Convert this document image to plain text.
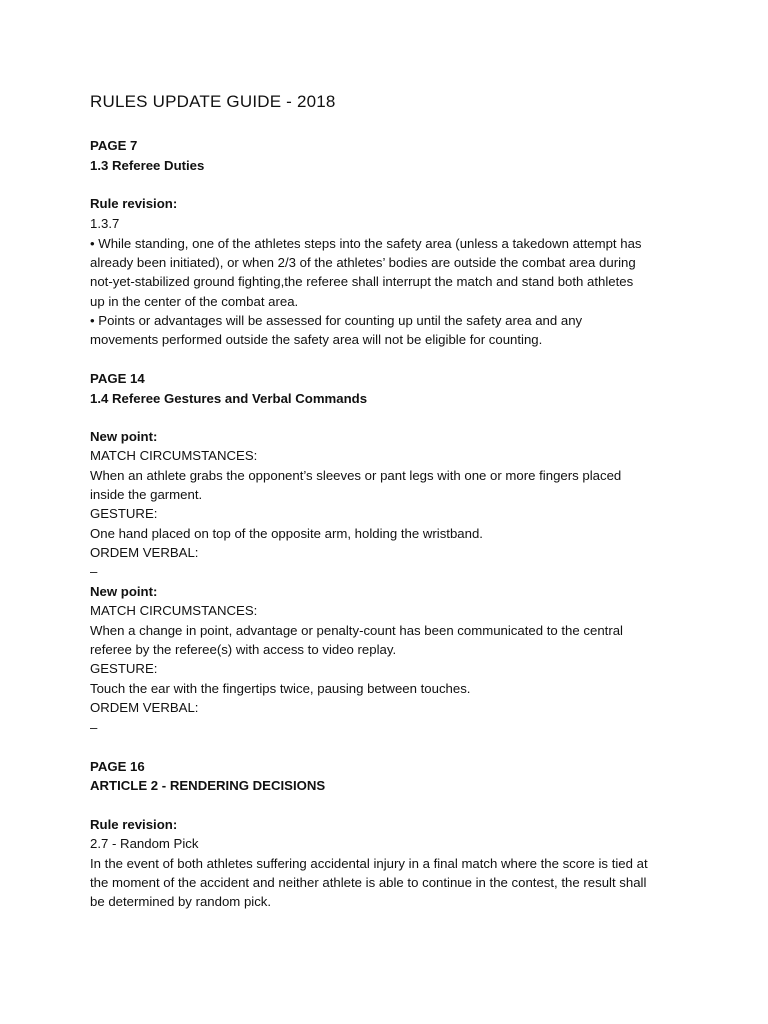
RULES UPDATE GUIDE - 2018

PAGE 7

1.3 Referee Duties

Rule revision:

1.3.7

• While standing, one of the athletes steps into the safety area (unless a takedown attempt has

already been initiated), or when 2/3 of the athletes’ bodies are outside the combat area during

not-yet-stabilized ground fighting,the referee shall interrupt the match and stand both athletes

up in the center of the combat area.

• Points or advantages will be assessed for counting up until the safety area and any

movements performed outside the safety area will not be eligible for counting.

PAGE 14

1.4 Referee Gestures and Verbal Commands

New point:

MATCH CIRCUMSTANCES:

When an athlete grabs the opponent’s sleeves or pant legs with one or more fingers placed

inside the garment.

GESTURE:

One hand placed on top of the opposite arm, holding the wristband.

ORDEM VERBAL:

–

New point:

MATCH CIRCUMSTANCES:

When a change in point, advantage or penalty-count has been communicated to the central

referee by the referee(s) with access to video replay.

GESTURE:

Touch the ear with the fingertips twice, pausing between touches.

ORDEM VERBAL:

–

PAGE 16

ARTICLE 2 - RENDERING DECISIONS

Rule revision:

2.7 - Random Pick

In the event of both athletes suffering accidental injury in a final match where the score is tied at

the moment of the accident and neither athlete is able to continue in the contest, the result shall

be determined by random pick.
